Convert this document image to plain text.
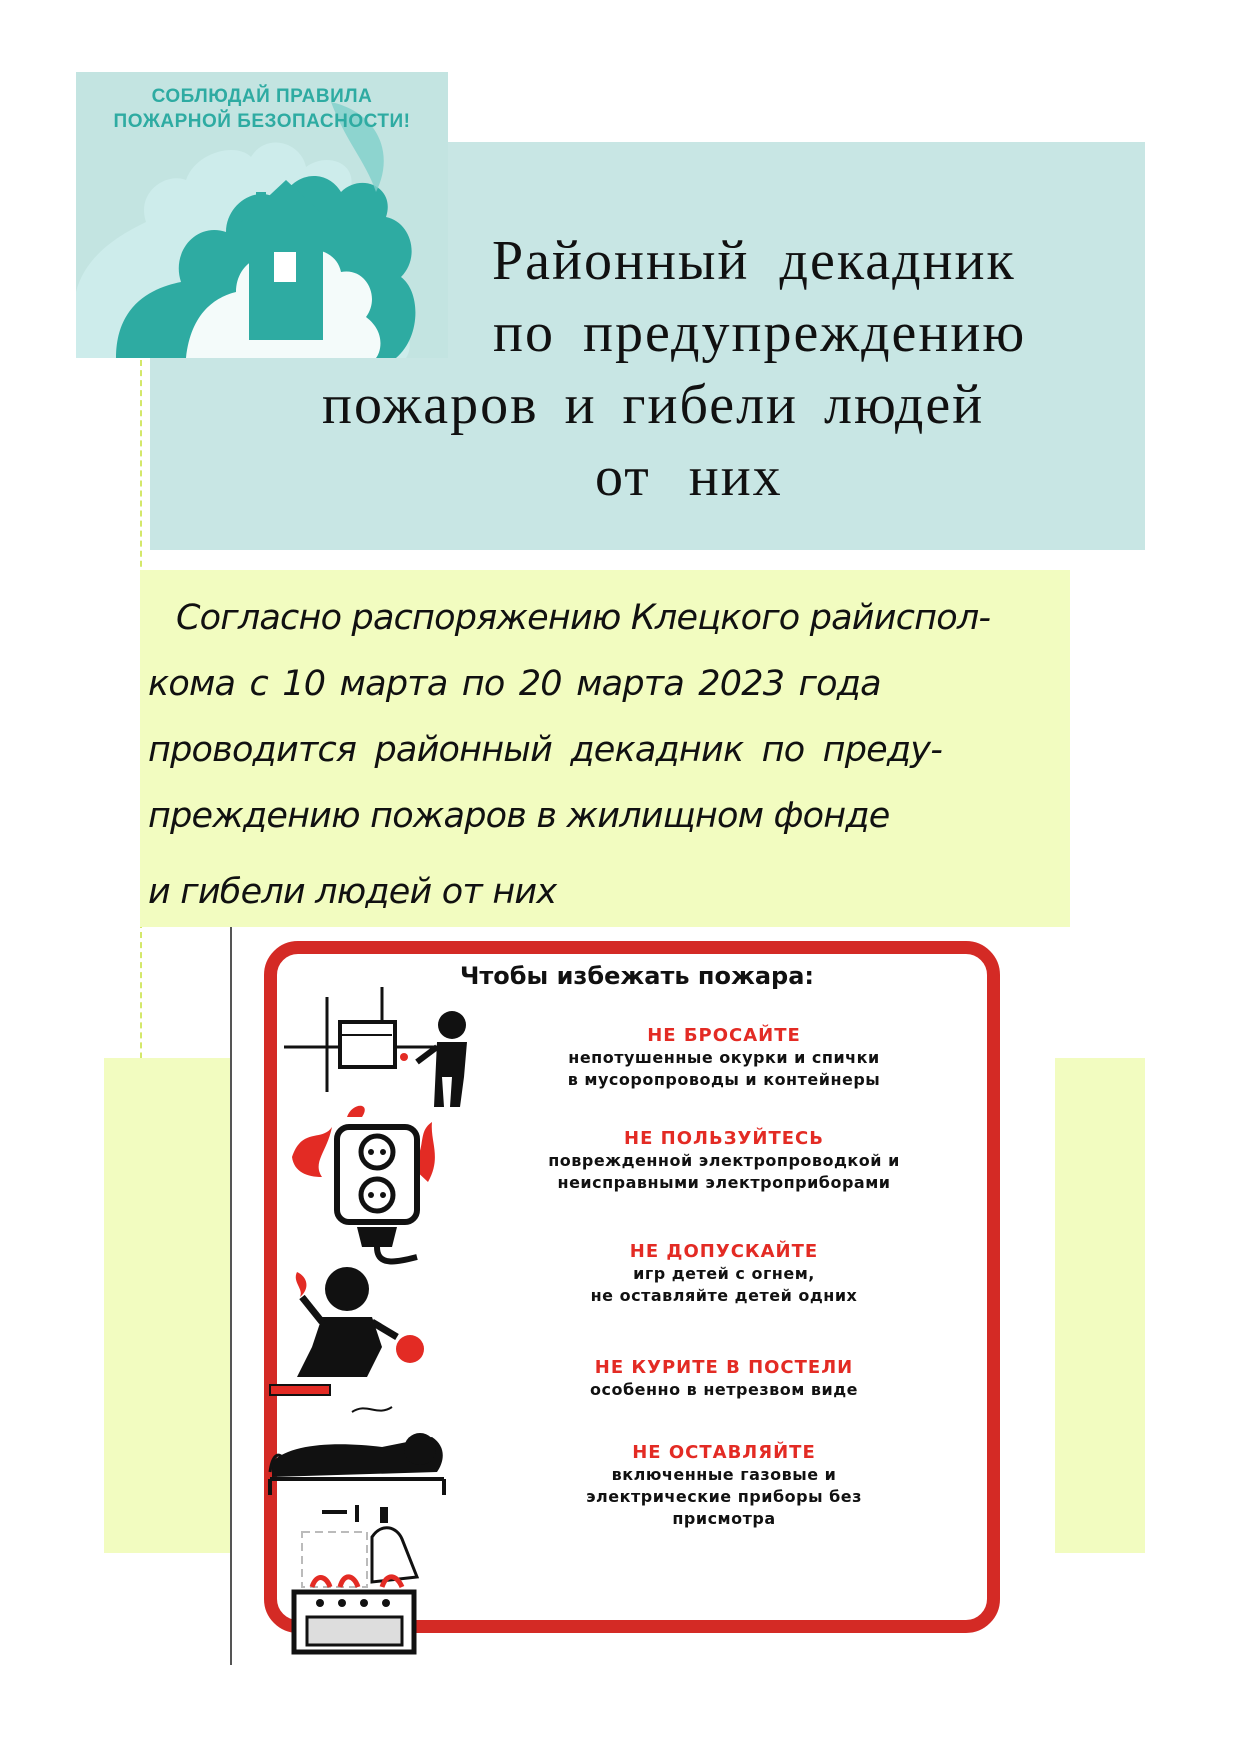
СОБЛЮДАЙ ПРАВИЛА
ПОЖАРНОЙ БЕЗОПАСНОСТИ!

Районный декадник
по предупреждению
пожаров и гибели людей
от них

Согласно распоряжению Клецкого райиспол-
кома с 10 марта по 20 марта 2023 года
проводится районный декадник по преду-
преждению пожаров в жилищном фонде
и гибели людей от них

Чтобы избежать пожара:

НЕ БРОСАЙТЕ
непотушенные окурки и спички
в мусоропроводы и контейнеры
НЕ ПОЛЬЗУЙТЕСЬ
поврежденной электропроводкой и
неисправными электроприборами
НЕ ДОПУСКАЙТЕ
игр детей с огнем,
не оставляйте детей одних
НЕ КУРИТЕ В ПОСТЕЛИ
особенно в нетрезвом виде
НЕ ОСТАВЛЯЙТЕ
включенные газовые и
электрические приборы без
присмотра
